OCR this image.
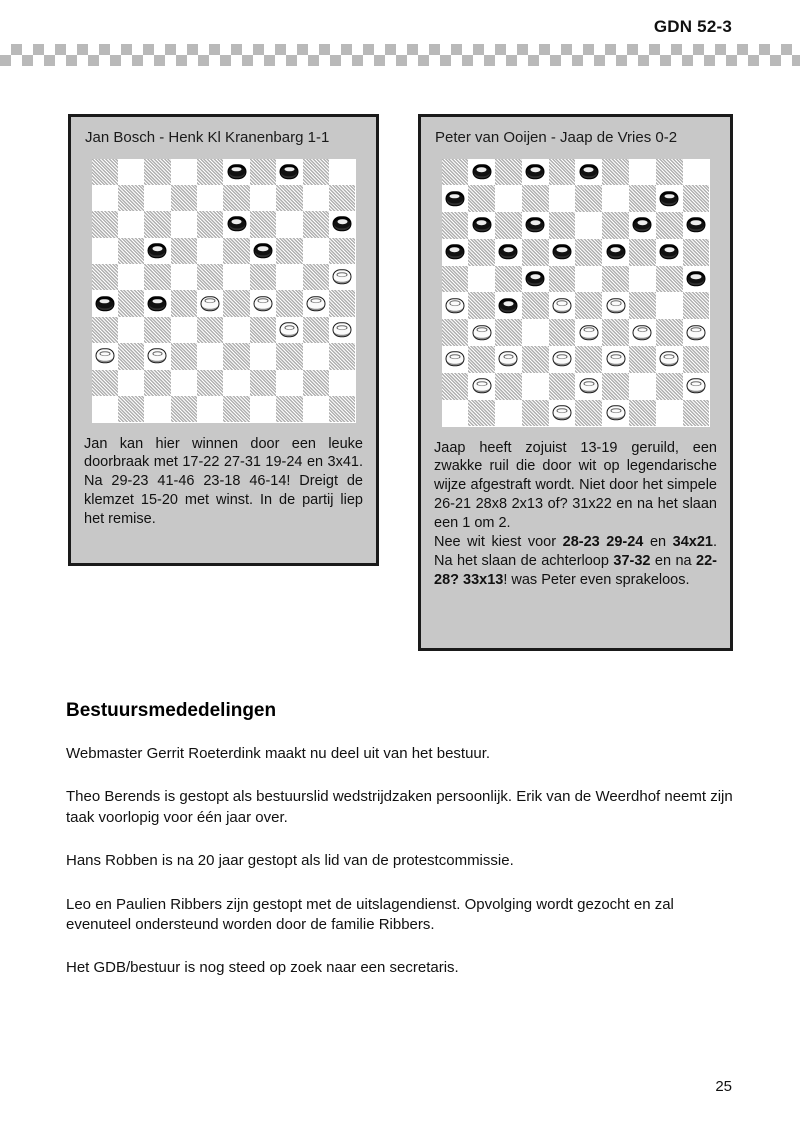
GDN 52-3
Jan Bosch - Henk Kl Kranenbarg 1-1

Jan kan hier winnen door een leuke doorbraak met 17-22 27-31 19-24 en 3x41. Na 29-23 41-46 23-18 46-14! Dreigt de klemzet 15-20 met winst. In de partij liep het remise.

Peter van Ooijen - Jaap de Vries 0-2

Jaap heeft zojuist 13-19 geruild, een zwakke ruil die door wit op legendarische wijze afgestraft wordt. Niet door het simpele 26-21 28x8 2x13 of? 31x22 en na het slaan een 1 om 2.

Nee wit kiest voor 28-23 29-24 en 34x21. Na het slaan de achterloop 37-32 en na 22-28? 33x13! was Peter even sprakeloos.

Bestuursmededelingen

Webmaster Gerrit Roeterdink maakt nu deel uit van het bestuur.

Theo Berends is gestopt als bestuurslid wedstrijdzaken persoonlijk. Erik van de Weerdhof neemt zijn taak voorlopig voor één jaar over.

Hans Robben is na 20 jaar gestopt als lid van de protestcommissie.

Leo en Paulien Ribbers zijn gestopt met de uitslagendienst. Opvolging wordt gezocht en zal evenuteel ondersteund worden door de familie Ribbers.

Het GDB/bestuur is nog steed op zoek naar een secretaris.

25
